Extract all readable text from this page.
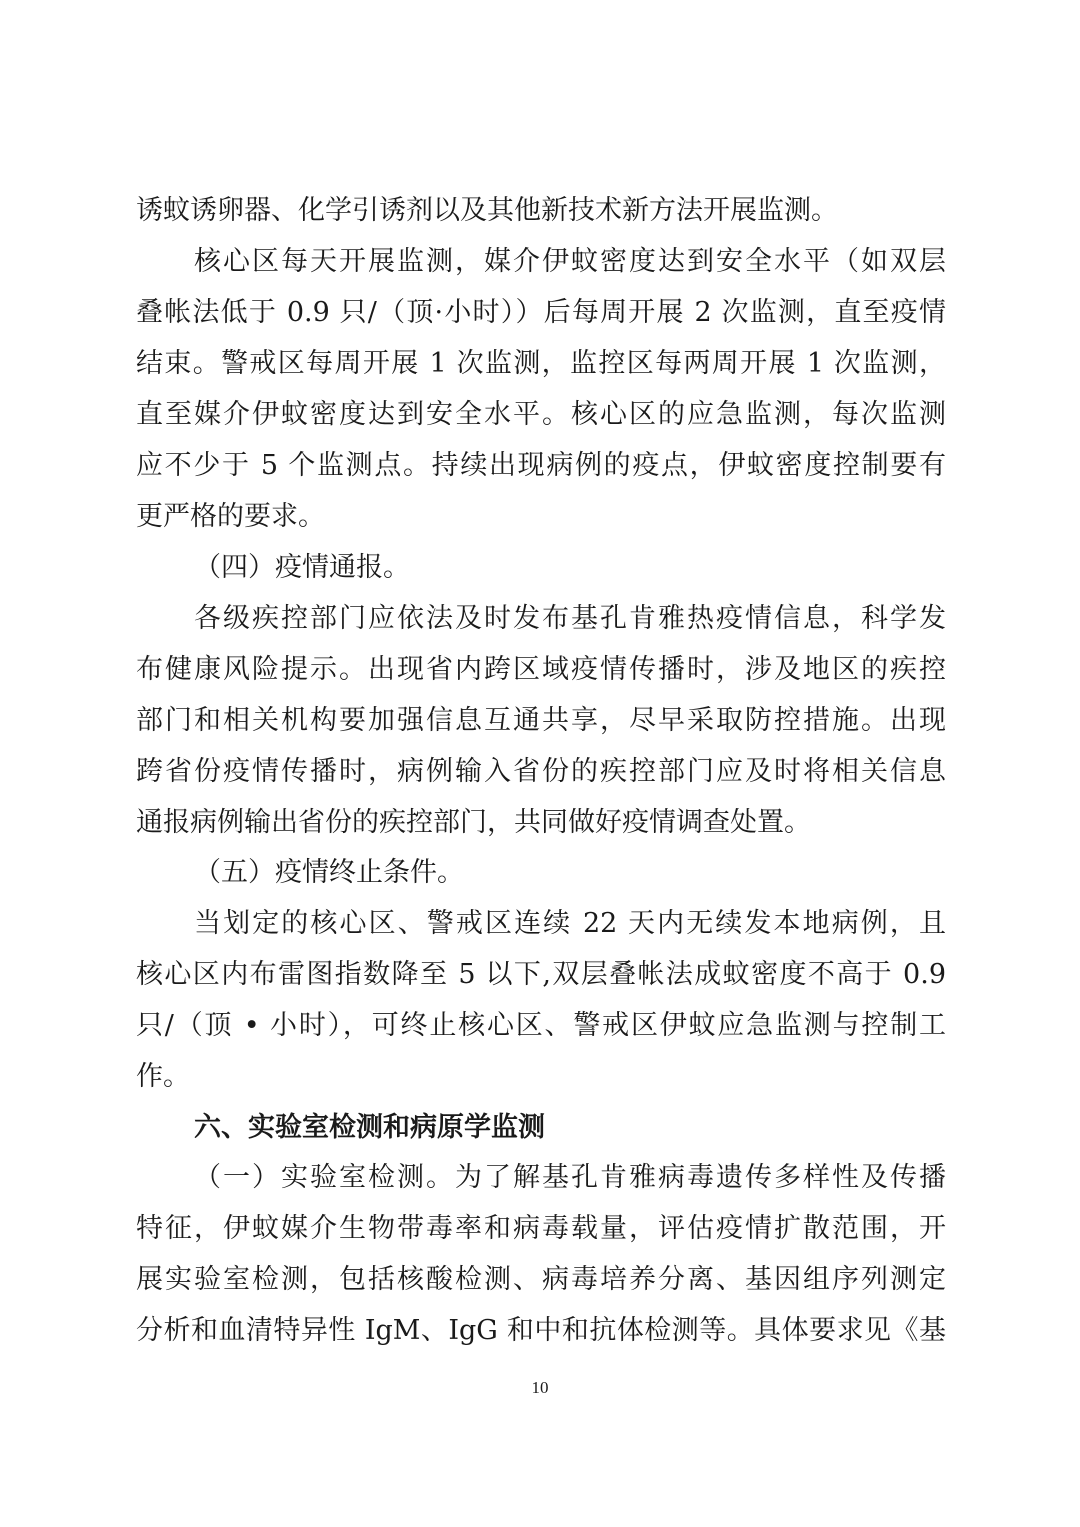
诱蚊诱卵器、化学引诱剂以及其他新技术新方法开展监测。
核心区每天开展监测，媒介伊蚊密度达到安全水平（如双层
叠帐法低于 0.9 只/（顶·小时））后每周开展 2 次监测，直至疫情
结束。警戒区每周开展 1 次监测，监控区每两周开展 1 次监测，
直至媒介伊蚊密度达到安全水平。核心区的应急监测，每次监测
应不少于 5 个监测点。持续出现病例的疫点，伊蚊密度控制要有
更严格的要求。
（四）疫情通报。
各级疾控部门应依法及时发布基孔肯雅热疫情信息，科学发
布健康风险提示。出现省内跨区域疫情传播时，涉及地区的疾控
部门和相关机构要加强信息互通共享，尽早采取防控措施。出现
跨省份疫情传播时，病例输入省份的疾控部门应及时将相关信息
通报病例输出省份的疾控部门，共同做好疫情调查处置。
（五）疫情终止条件。
当划定的核心区、警戒区连续 22 天内无续发本地病例，且
核心区内布雷图指数降至 5 以下,双层叠帐法成蚊密度不高于 0.9
只/（顶 • 小时），可终止核心区、警戒区伊蚊应急监测与控制工
作。
六、实验室检测和病原学监测
（一）实验室检测。为了解基孔肯雅病毒遗传多样性及传播
特征，伊蚊媒介生物带毒率和病毒载量，评估疫情扩散范围，开
展实验室检测，包括核酸检测、病毒培养分离、基因组序列测定
分析和血清特异性 IgM、IgG 和中和抗体检测等。具体要求见《基
10
